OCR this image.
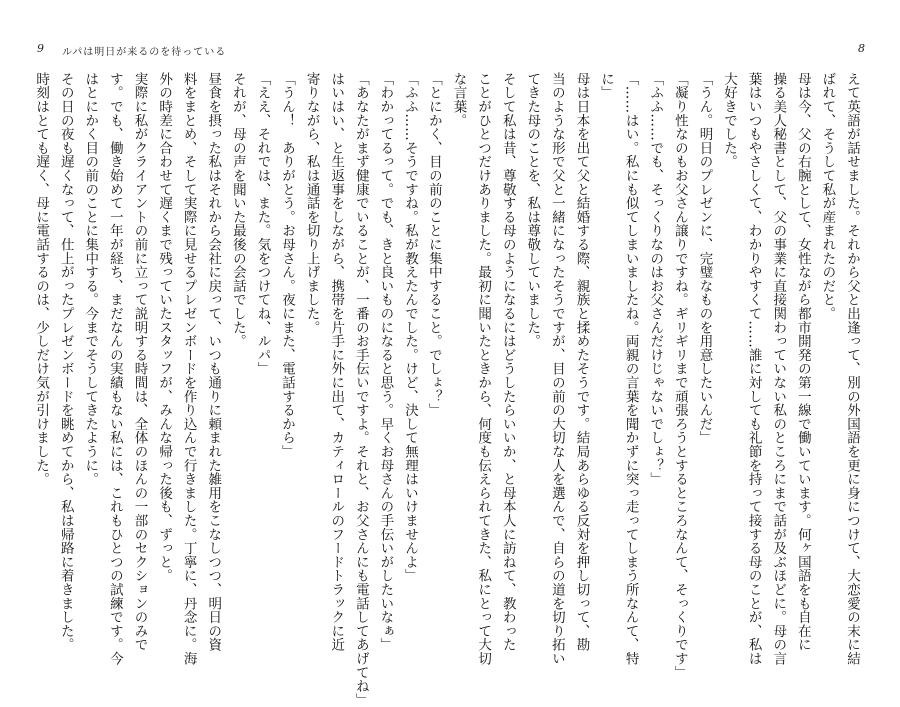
9 ルパは明日が来るのを待っている
「ふふ……そうですね。私が教えたんでした。けど、決して無理はいけませんよ」
「わかってるって。でも、きと良いものになると思う。早くお母さんの手伝いがしたいなぁ」
「あなたがまず健康でいることが、一番のお手伝いですよ。それと、お父さんにも電話してあげてね」
はいはい、と生返事をしながら、携帯を片手に外に出て、カティロールのフードトラックに近
寄りながら、私は通話を切り上げました。
「うん！　ありがとう。お母さん。夜にまた、電話するから」
「ええ、それでは、また。気をつけてね、ルパ」
それが、母の声を聞いた最後の会話でした。
昼食を摂った私はそれから会社に戻って、いつも通りに頼まれた雑用をこなしつつ、明日の資
料をまとめ、そして実際に見せるプレゼンボードを作り込んで行きました。丁寧に、丹念に。海
外の時差に合わせて遅くまで残っていたスタッフが、みんな帰った後も、ずっと。
実際に私がクライアントの前に立って説明する時間は、全体のほんの一部のセクションのみで
す。でも、働き始めて一年が経ち、まだなんの実績もない私には、これもひとつの試練です。今
はとにかく目の前のことに集中する。今までそうしてきたように。
その日の夜も遅くなって、仕上がったプレゼンボードを眺めてから、私は帰路に着きました。
時刻はとても遅く、母に電話するのは、少しだけ気が引けました。
8
えて英語が話せました。それから父と出逢って、別の外国語を更に身につけて、大恋愛の末に結
ばれて、そうして私が産まれたのだと。
母は今、父の右腕として、女性ながら都市開発の第一線で働いています。何ヶ国語をも自在に
操る美人秘書として、父の事業に直接関わっていない私のところにまで話が及ぶほどに。母の言
葉はいつもやさしくて、わかりやすくて……誰に対しても礼節を持って接する母のことが、私は
大好きでした。
「うん。明日のプレゼンに、完璧なものを用意したいんだ」
「凝り性なのもお父さん譲りですね。ギリギリまで頑張ろうとするところなんて、そっくりです」
「ふふ……でも、そっくりなのはお父さんだけじゃないでしょ？」
「……はい。私にも似てしまいましたね。両親の言葉を聞かずに突っ走ってしまう所なんて、特
に」
母は日本を出て父と結婚する際、親族と揉めたそうです。結局あらゆる反対を押し切って、勘
当のような形で父と一緒になったそうですが、目の前の大切な人を選んで、自らの道を切り拓い
てきた母のことを、私は尊敬していました。
そして私は昔、尊敬する母のようになるにはどうしたらいいか、と母本人に訪ねて、教わった
ことがひとつだけありました。最初に聞いたときから、何度も伝えられてきた、私にとって大切
な言葉。
「とにかく、目の前のことに集中すること。でしょ？」
